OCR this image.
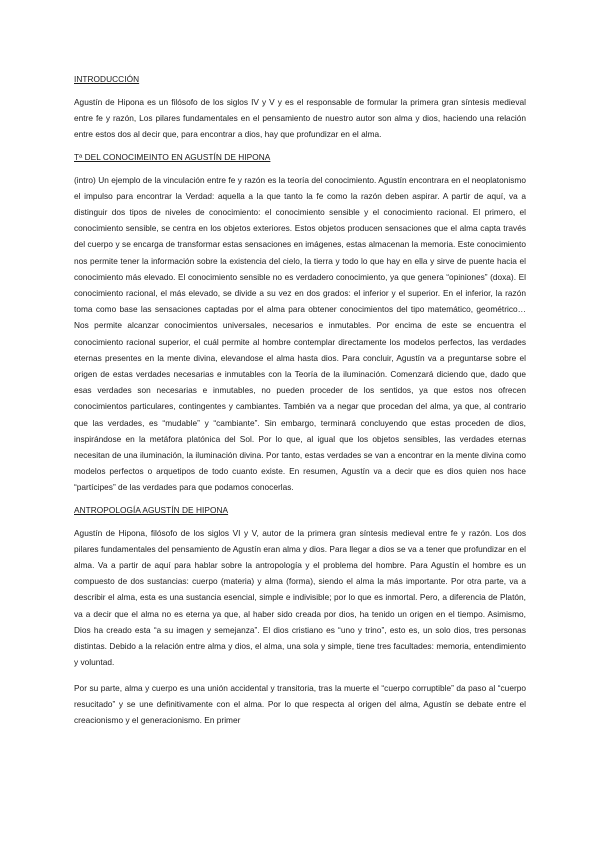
INTRODUCCIÓN

Agustín de Hipona es un filósofo de los siglos IV y V y es el responsable de formular la primera gran síntesis medieval entre fe y razón, Los pilares fundamentales en el pensamiento de nuestro autor son alma y dios, haciendo una relación entre estos dos al decir que, para encontrar a dios, hay que profundizar en el alma.

Tª DEL CONOCIMEINTO EN AGUSTÍN DE HIPONA

(intro) Un ejemplo de la vinculación entre fe y razón es la teoría del conocimiento. Agustín encontrara en el neoplatonismo el impulso para encontrar la Verdad: aquella a la que tanto la fe como la razón deben aspirar. A partir de aquí, va a distinguir dos tipos de niveles de conocimiento: el conocimiento sensible y el conocimiento racional. El primero, el conocimiento sensible, se centra en los objetos exteriores. Estos objetos producen sensaciones que el alma capta través del cuerpo y se encarga de transformar estas sensaciones en imágenes, estas almacenan la memoria. Este conocimiento nos permite tener la información sobre la existencia del cielo, la tierra y todo lo que hay en ella y sirve de puente hacia el conocimiento más elevado. El conocimiento sensible no es verdadero conocimiento, ya que genera “opiniones” (doxa). El conocimiento racional, el más elevado, se divide a su vez en dos grados: el inferior y el superior. En el inferior, la razón toma como base las sensaciones captadas por el alma para obtener conocimientos del tipo matemático, geométrico… Nos permite alcanzar conocimientos universales, necesarios e inmutables. Por encima de este se encuentra el conocimiento racional superior, el cuál permite al hombre contemplar directamente los modelos perfectos, las verdades eternas presentes en la mente divina, elevandose el alma hasta dios. Para concluir, Agustín va a preguntarse sobre el origen de estas verdades necesarias e inmutables con la Teoría de la iluminación. Comenzará diciendo que, dado que esas verdades son necesarias e inmutables, no pueden proceder de los sentidos, ya que estos nos ofrecen conocimientos particulares, contingentes y cambiantes. También va a negar que procedan del alma, ya que, al contrario que las verdades, es “mudable” y “cambiante”. Sin embargo, terminará concluyendo que estas proceden de dios, inspirándose en la metáfora platónica del Sol. Por lo que, al igual que los objetos sensibles, las verdades eternas necesitan de una iluminación, la iluminación divina. Por tanto, estas verdades se van a encontrar en la mente divina como modelos perfectos o arquetipos de todo cuanto existe. En resumen, Agustín va a decir que es dios quien nos hace “partícipes” de las verdades para que podamos conocerlas.

ANTROPOLOGÍA AGUSTÍN DE HIPONA

Agustín de Hipona, filósofo de los siglos VI y V, autor de la primera gran síntesis medieval entre fe y razón. Los dos pilares fundamentales del pensamiento de Agustín eran alma y dios. Para llegar a dios se va a tener que profundizar en el alma. Va a partir de aquí para hablar sobre la antropología y el problema del hombre. Para Agustín el hombre es un compuesto de dos sustancias: cuerpo (materia) y alma (forma), siendo el alma la más importante. Por otra parte, va a describir el alma, esta es una sustancia esencial, simple e indivisible; por lo que es inmortal. Pero, a diferencia de Platón, va a decir que el alma no es eterna ya que, al haber sido creada por dios, ha tenido un origen en el tiempo. Asimismo, Dios ha creado esta “a su imagen y semejanza”. El dios cristiano es “uno y trino”, esto es, un solo dios, tres personas distintas. Debido a la relación entre alma y dios, el alma, una sola y simple, tiene tres facultades: memoria, entendimiento y voluntad.

Por su parte, alma y cuerpo es una unión accidental y transitoria, tras la muerte el “cuerpo corruptible” da paso al “cuerpo resucitado” y se une definitivamente con el alma. Por lo que respecta al origen del alma, Agustín se debate entre el creacionismo y el generacionismo. En primer
